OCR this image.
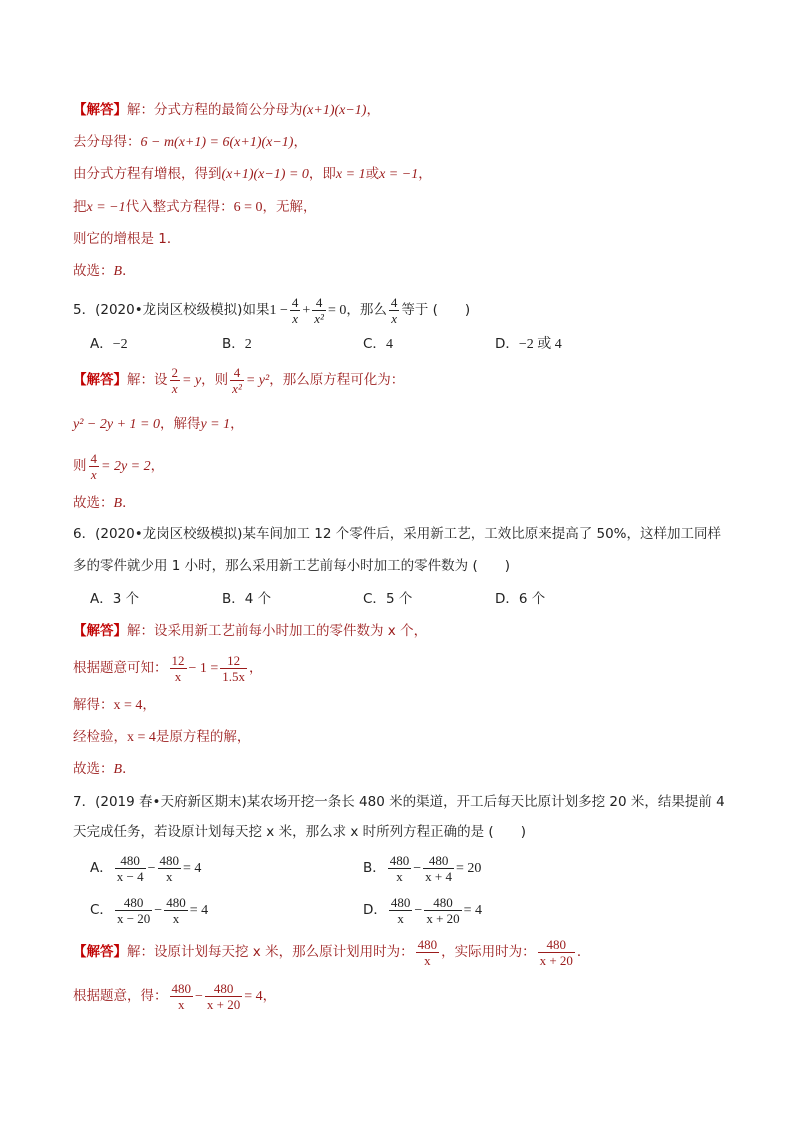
【解答】解：分式方程的最简公分母为(x+1)(x−1)，
去分母得：6 − m(x+1) = 6(x+1)(x−1)，
由分式方程有增根，得到(x+1)(x−1) = 0，即x = 1或x = −1，
把x = −1代入整式方程得：6 = 0，无解，
则它的增根是 1．
故选：B．
5．(2020•龙岗区校级模拟)如果$1 - \frac{4}{x} + \frac{4}{\text{x²}} = 0$，那么 $\frac{4}{x}$ 等于 (　　)
A．−2	B．2	C．4	D．−2 或 4
【解答】解：设 $\frac{2}{x} = y$，则 $\frac{4}{\text{x²}} = y^2$，那么原方程可化为：
y² − 2y + 1 = 0，解得y = 1，
则 $\frac{4}{x} = 2y = 2$，
故选：B．
6．(2020•龙岗区校级模拟)某车间加工 12 个零件后，采用新工艺，工效比原来提高了 50%，这样加工同样
多的零件就少用 1 小时，那么采用新工艺前每小时加工的零件数为 (　　)
A．3 个	B．4 个	C．5 个	D．6 个
【解答】解：设采用新工艺前每小时加工的零件数为 x 个，
根据题意可知： $\frac{12}{x} - 1 = \frac{12}{1.5x}$ ，
解得：x = 4，
经检验，x = 4是原方程的解，
故选：B．
7．(2019 春•天府新区期末)某农场开挖一条长 480 米的渠道，开工后每天比原计划多挖 20 米，结果提前 4
天完成任务，若设原计划每天挖 x 米，那么求 x 时所列方程正确的是 (　　)
A． $\frac{480}{x - 4} - \frac{480}{x} = 4$	B． $\frac{480}{x} - \frac{480}{x + 4} = 20$
C． $\frac{480}{x - 20} - \frac{480}{x} = 4$	D． $\frac{480}{x} - \frac{480}{x + 20} = 4$
【解答】解：设原计划每天挖 x 米，那么原计划用时为： $\frac{480}{x}$ ，实际用时为： $\frac{480}{x + 20}$ ．
根据题意，得： $\frac{480}{x} - \frac{480}{x + 20} = 4$，
